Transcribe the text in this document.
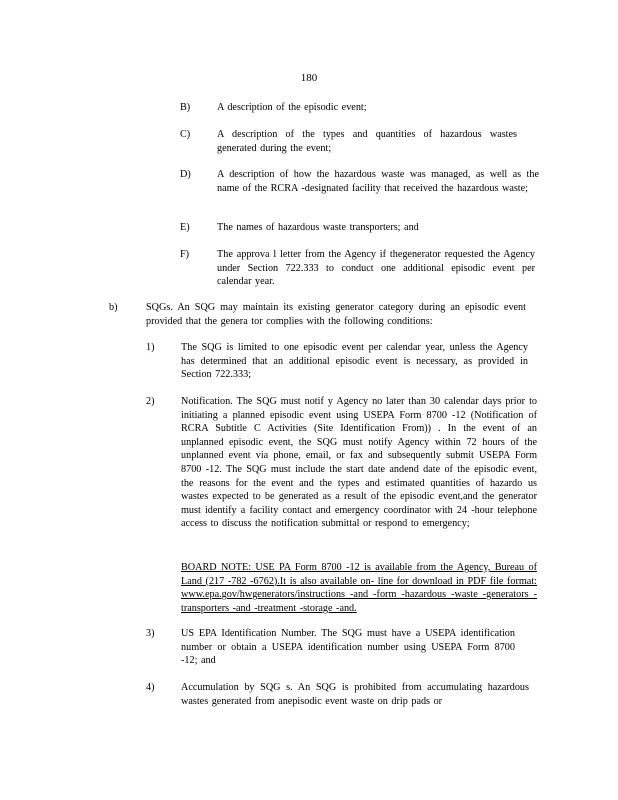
180
B)	A description of the episodic event;
C)	A description of the types and quantities of hazardous wastes generated during the event;
D)	A description of how the hazardous waste was managed, as well as the name of the RCRA -designated facility that received the hazardous waste;
E)	The names of hazardous waste transporters; and
F)	The approva l letter from the Agency if thegenerator requested the Agency under Section 722.333 to conduct one additional episodic event per calendar year.
b)	SQGs. An SQG may maintain its existing generator category during an episodic event provided that the genera tor complies with the following conditions:
1)	The SQG is limited to one episodic event per calendar year, unless the Agency has determined that an additional episodic event is necessary, as provided in Section 722.333;
2)	Notification. The SQG must notif y Agency no later than 30 calendar days prior to initiating a planned episodic event using USEPA Form 8700 -12 (Notification of RCRA Subtitle C Activities (Site Identification From)) . In the event of an unplanned episodic event, the SQG must notify Agency within 72 hours of the unplanned event via phone, email, or fax and subsequently submit USEPA Form 8700 -12. The SQG must include the start date andend date of the episodic event, the reasons for the event and the types and estimated quantities of hazardo us wastes expected to be generated as a result of the episodic event,and the generator must identify a facility contact and emergency coordinator with 24 -hour telephone access to discuss the notification submittal or respond to emergency;
BOARD NOTE: USE PA Form 8700 -12 is available from the Agency, Bureau of Land (217 -782 -6762).It is also available on- line for download in PDF file format: www.epa.gov/hwgenerators/instructions -and -form -hazardous -waste -generators -transporters -and -treatment -storage -and.
3)	US EPA Identification Number. The SQG must have a USEPA identification number or obtain a USEPA identification number using USEPA Form 8700 -12; and
4)	Accumulation by SQG s. An SQG is prohibited from accumulating hazardous wastes generated from anepisodic event waste on drip pads or
